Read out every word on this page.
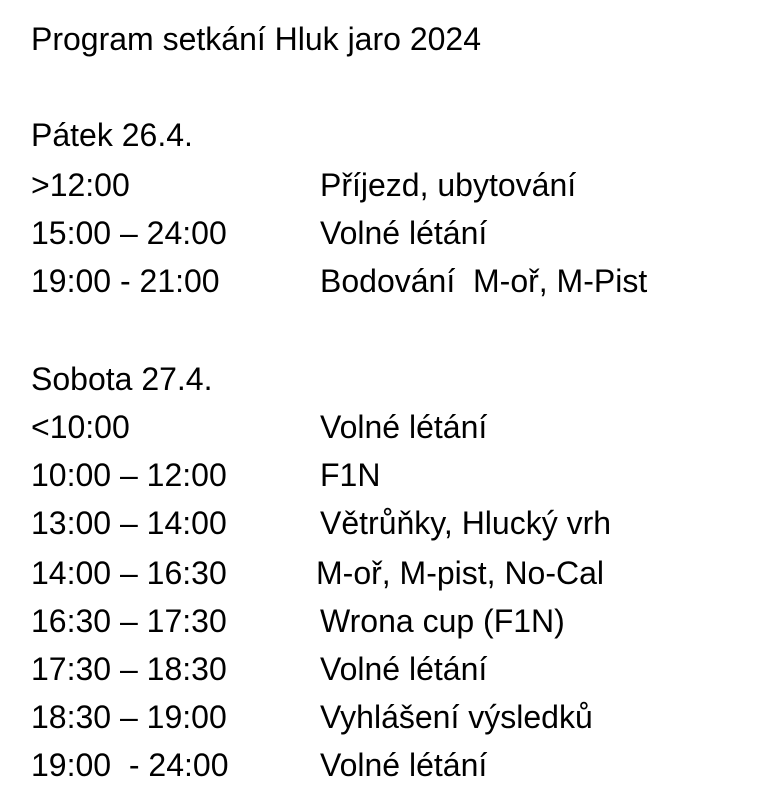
Program setkání Hluk jaro 2024
Pátek 26.4.
>12:00	Příjezd, ubytování
15:00 – 24:00	Volné létání
19:00 - 21:00	Bodování  M-oř, M-Pist
Sobota 27.4.
<10:00	Volné létání
10:00 – 12:00	F1N
13:00 – 14:00	Větrůňky, Hlucký vrh
14:00 – 16:30	M-oř, M-pist, No-Cal
16:30 – 17:30	Wrona cup (F1N)
17:30 – 18:30	Volné létání
18:30 – 19:00	Vyhlášení výsledků
19:00  - 24:00	Volné létání
